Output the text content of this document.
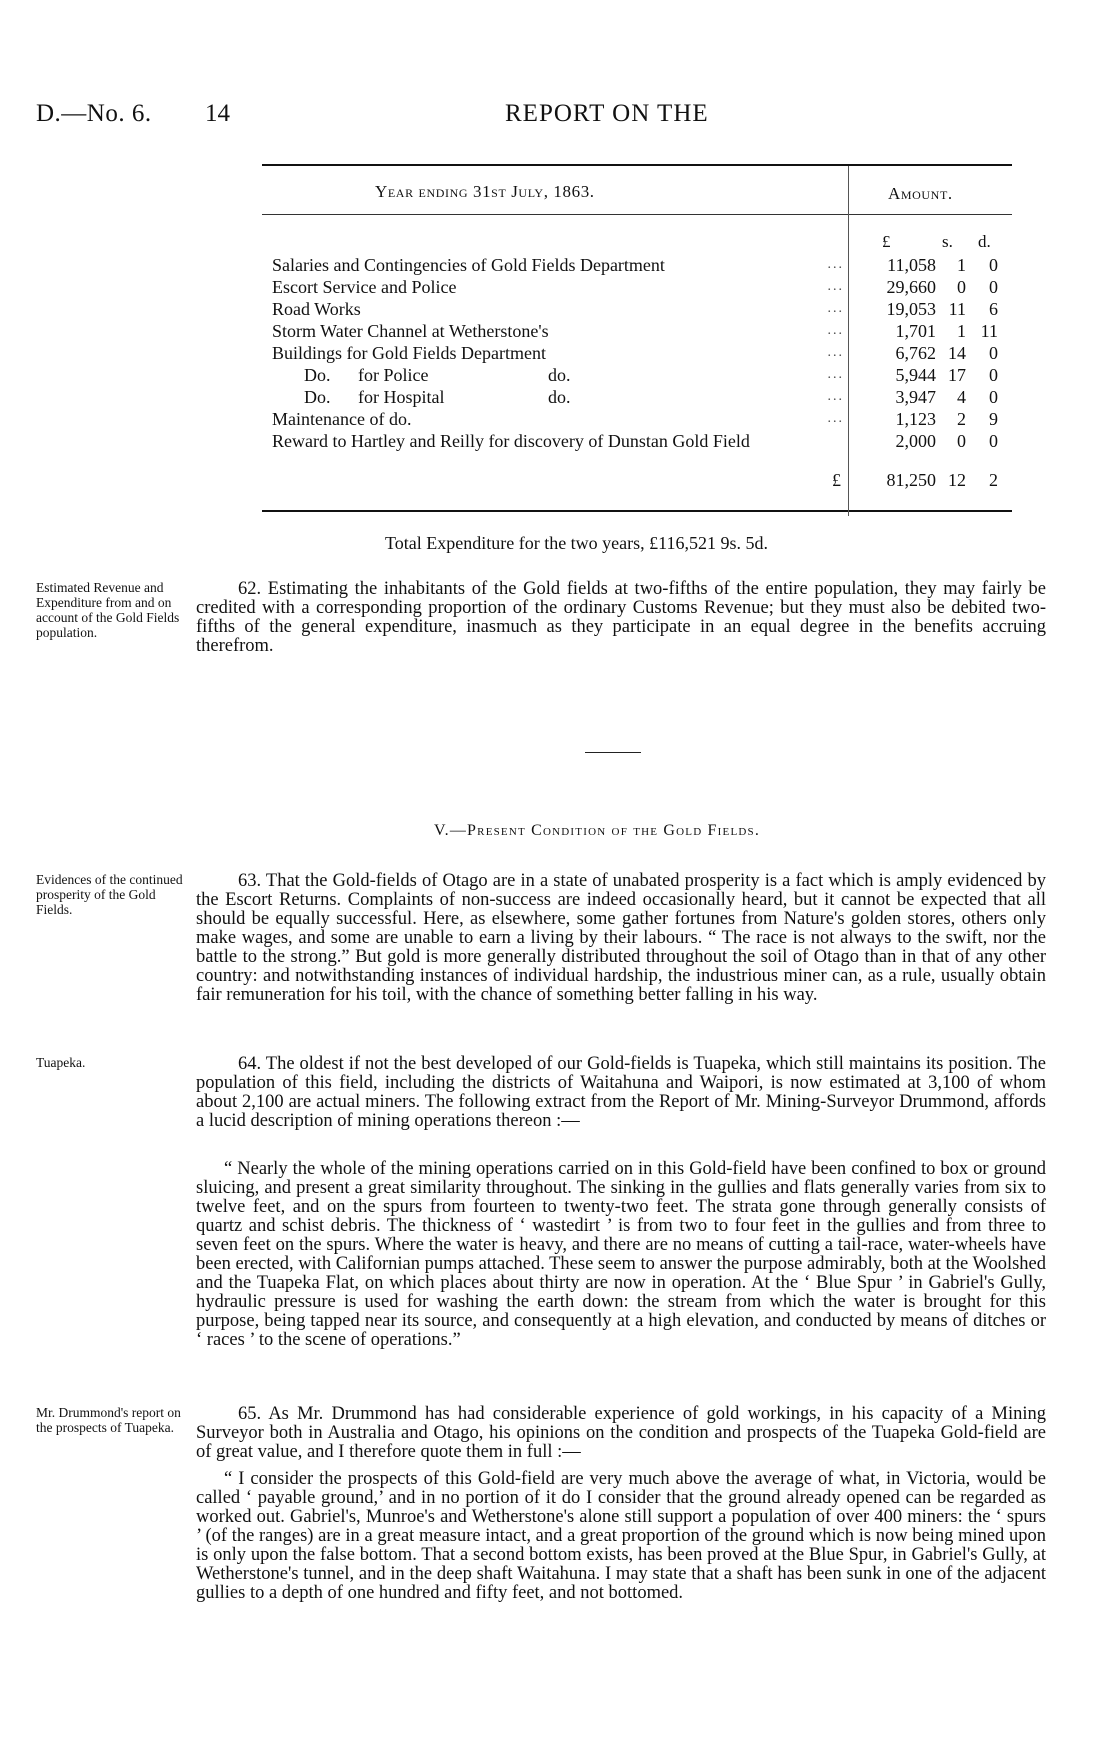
D.—No. 6. 14	REPORT ON THE
Year ending 31st July, 1863.	Amount.
£	s. d.
Salaries and Contingencies of Gold Fields Department	...	11,058	1	0
Escort Service and Police	...	29,660	0	0
Road Works	...	19,053 11	6
Storm Water Channel at Wetherstone's	...	1,701	1 11
Buildings for Gold Fields Department	...	6,762 14	0
Do. for Police	do.	...	5,944 17	0
Do. for Hospital	do.	...	3,947	4	0
Maintenance of do.	...	1,123	2	9
Reward to Hartley and Reilly for discovery of Dunstan Gold Field	2,000	0	0
£	81,250 12	2
Total Expenditure for the two years, £116,521 9s. 5d.
Estimated Revenue and Expenditure from and on account of the Gold Fields population.
62. Estimating the inhabitants of the Gold fields at two-fifths of the entire population, they may fairly be credited with a corresponding proportion of the ordinary Customs Revenue; but they must also be debited two-fifths of the general expenditure, inasmuch as they participate in an equal degree in the benefits accruing therefrom.
V.—Present Condition of the Gold Fields.
Evidences of the continued prosperity of the Gold Fields.
63. That the Gold-fields of Otago are in a state of unabated prosperity is a fact which is amply evidenced by the Escort Returns. Complaints of non-success are indeed occasionally heard, but it cannot be expected that all should be equally successful. Here, as elsewhere, some gather fortunes from Nature's golden stores, others only make wages, and some are unable to earn a living by their labours. “ The race is not always to the swift, nor the battle to the strong.” But gold is more generally distributed throughout the soil of Otago than in that of any other country: and notwithstanding instances of individual hardship, the industrious miner can, as a rule, usually obtain fair remuneration for his toil, with the chance of something better falling in his way.
Tuapeka.	64. The oldest if not the best developed of our Gold-fields is Tuapeka, which still maintains its position. The population of this field, including the districts of Waitahuna and Waipori, is now estimated at 3,100 of whom about 2,100 are actual miners. The following extract from the Report of Mr. Mining-Surveyor Drummond, affords a lucid description of mining operations thereon :—
“ Nearly the whole of the mining operations carried on in this Gold-field have been confined to box or ground sluicing, and present a great similarity throughout. The sinking in the gullies and flats generally varies from six to twelve feet, and on the spurs from fourteen to twenty-two feet. The strata gone through generally consists of quartz and schist debris. The thickness of ‘ wastedirt ’ is from two to four feet in the gullies and from three to seven feet on the spurs. Where the water is heavy, and there are no means of cutting a tail-race, water-wheels have been erected, with Californian pumps attached. These seem to answer the purpose admirably, both at the Woolshed and the Tuapeka Flat, on which places about thirty are now in operation. At the ‘ Blue Spur ’ in Gabriel's Gully, hydraulic pressure is used for washing the earth down: the stream from which the water is brought for this purpose, being tapped near its source, and consequently at a high elevation, and conducted by means of ditches or ‘ races ’ to the scene of operations.”
Mr. Drummond's report on the prospects of Tuapeka.
65. As Mr. Drummond has had considerable experience of gold workings, in his capacity of a Mining Surveyor both in Australia and Otago, his opinions on the condition and prospects of the Tuapeka Gold-field are of great value, and I therefore quote them in full :—
“ I consider the prospects of this Gold-field are very much above the average of what, in Victoria, would be called ‘ payable ground,’ and in no portion of it do I consider that the ground already opened can be regarded as worked out. Gabriel's, Munroe's and Wetherstone's alone still support a population of over 400 miners: the ‘ spurs ’ (of the ranges) are in a great measure intact, and a great proportion of the ground which is now being mined upon is only upon the false bottom. That a second bottom exists, has been proved at the Blue Spur, in Gabriel's Gully, at Wetherstone's tunnel, and in the deep shaft Waitahuna. I may state that a shaft has been sunk in one of the adjacent gullies to a depth of one hundred and fifty feet, and not bottomed.
